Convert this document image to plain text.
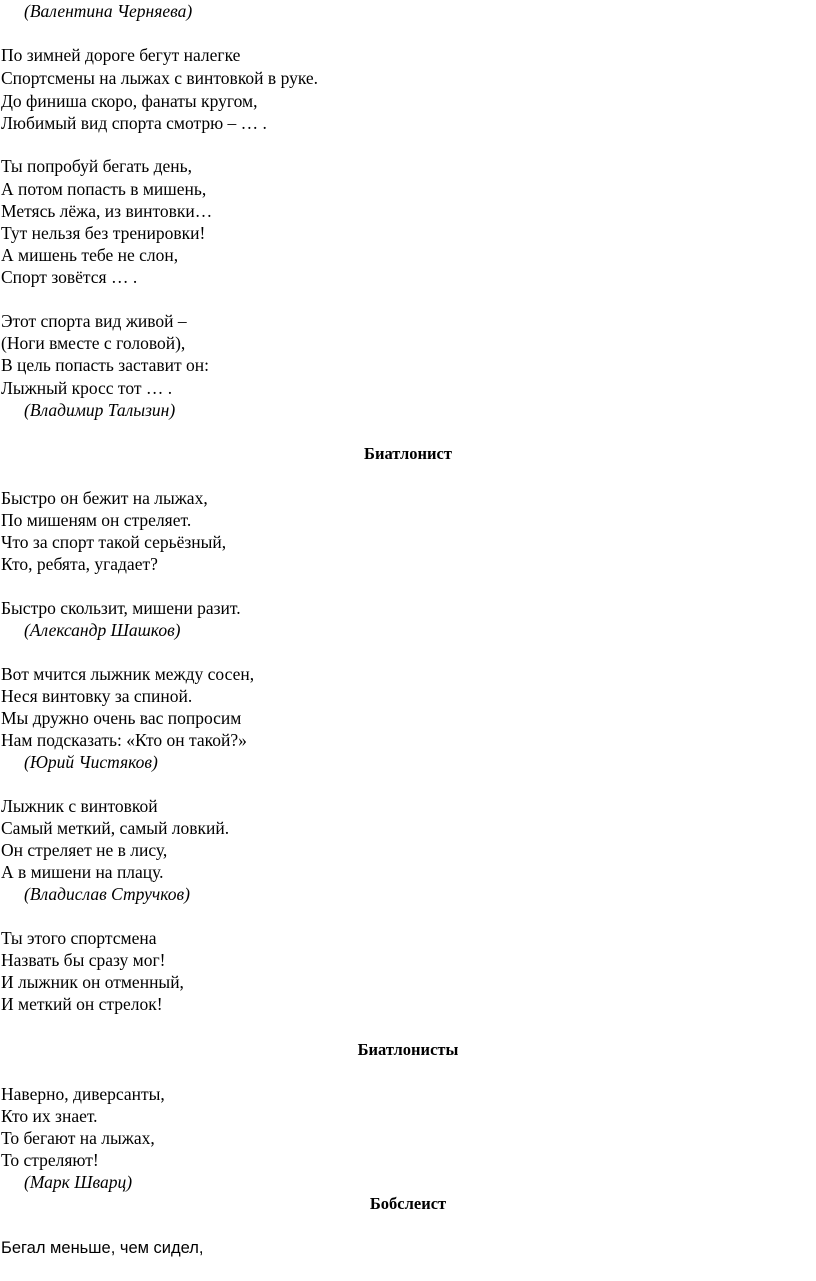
(Валентина Черняева)
По зимней дороге бегут налегке
Спортсмены на лыжах с винтовкой в руке.
До финиша скоро, фанаты кругом,
Любимый вид спорта смотрю – … .
Ты попробуй бегать день,
А потом попасть в мишень,
Метясь лёжа, из винтовки…
Тут нельзя без тренировки!
А мишень тебе не слон,
Спорт зовётся … .
Этот спорта вид живой –
(Ноги вместе с головой),
В цель попасть заставит он:
Лыжный кросс тот … .
(Владимир Талызин)
Биатлонист
Быстро он бежит на лыжах,
По мишеням он стреляет.
Что за спорт такой серьёзный,
Кто, ребята, угадает?
Быстро скользит, мишени разит.
(Александр Шашков)
Вот мчится лыжник между сосен,
Неся винтовку за спиной.
Мы дружно очень вас попросим
Нам подсказать: «Кто он такой?»
(Юрий Чистяков)
Лыжник с винтовкой
Самый меткий, самый ловкий.
Он стреляет не в лису,
А в мишени на плацу.
(Владислав Стручков)
Ты этого спортсмена
Назвать бы сразу мог!
И лыжник он отменный,
И меткий он стрелок!
Биатлонисты
Наверно, диверсанты,
Кто их знает.
То бегают на лыжах,
То стреляют!
(Марк Шварц)
Бобслеист
Бегал меньше, чем сидел,
